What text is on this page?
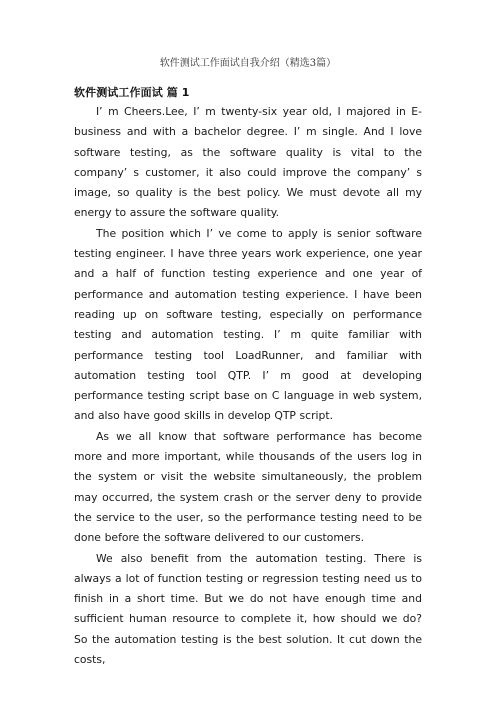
软件测试工作面试自我介绍（精选3篇）
软件测试工作面试 篇 1

I’ m Cheers.Lee, I’ m twenty-six year old, I majored in E-business and with a bachelor degree. I’ m single. And I love software testing, as the software quality is vital to the company’ s customer, it also could improve the company’ s image, so quality is the best policy. We must devote all my energy to assure the software quality.

The position which I’ ve come to apply is senior software testing engineer. I have three years work experience, one year and a half of function testing experience and one year of performance and automation testing experience. I have been reading up on software testing, especially on performance testing and automation testing. I’ m quite familiar with performance testing tool LoadRunner, and familiar with automation testing tool QTP. I’ m good at developing performance testing script base on C language in web system, and also have good skills in develop QTP script.

As we all know that software performance has become more and more important, while thousands of the users log in the system or visit the website simultaneously, the problem may occurred, the system crash or the server deny to provide the service to the user, so the performance testing need to be done before the software delivered to our customers.

We also benefit from the automation testing. There is always a lot of function testing or regression testing need us to finish in a short time. But we do not have enough time and sufficient human resource to complete it, how should we do? So the automation testing is the best solution. It cut down the costs,
